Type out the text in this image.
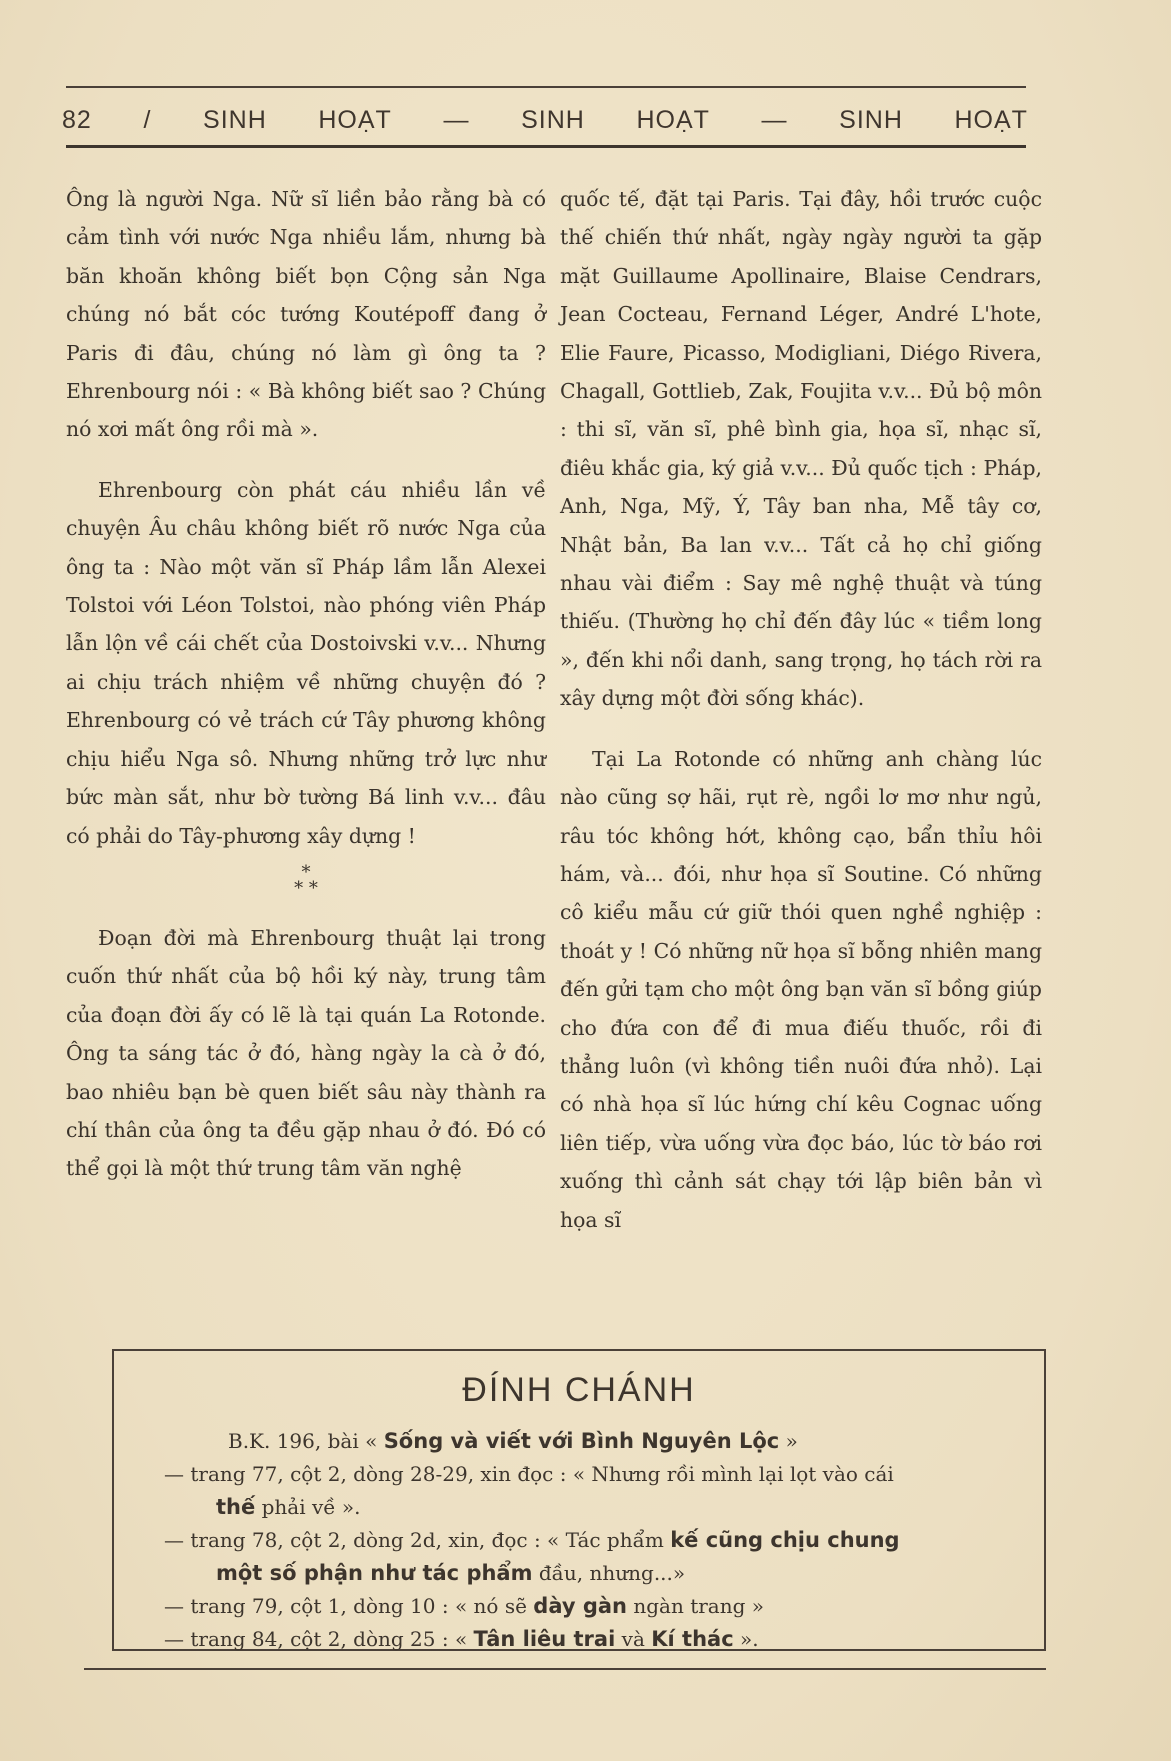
82 / SINH HOẠT — SINH HOẠT — SINH HOẠT

Ông là người Nga. Nữ sĩ liền bảo rằng bà có cảm tình với nước Nga nhiều lắm, nhưng bà băn khoăn không biết bọn Cộng sản Nga chúng nó bắt cóc tướng Koutépoff đang ở Paris đi đâu, chúng nó làm gì ông ta ? Ehrenbourg nói : « Bà không biết sao ? Chúng nó xơi mất ông rồi mà ».

Ehrenbourg còn phát cáu nhiều lần về chuyện Âu châu không biết rõ nước Nga của ông ta : Nào một văn sĩ Pháp lầm lẫn Alexei Tolstoi với Léon Tolstoi, nào phóng viên Pháp lẫn lộn về cái chết của Dostoivski v.v... Nhưng ai chịu trách nhiệm về những chuyện đó ? Ehrenbourg có vẻ trách cứ Tây phương không chịu hiểu Nga sô. Nhưng những trở lực như bức màn sắt, như bờ tường Bá linh v.v... đâu có phải do Tây-phương xây dựng !

*
* *

Đoạn đời mà Ehrenbourg thuật lại trong cuốn thứ nhất của bộ hồi ký này, trung tâm của đoạn đời ấy có lẽ là tại quán La Rotonde. Ông ta sáng tác ở đó, hàng ngày la cà ở đó, bao nhiêu bạn bè quen biết sâu này thành ra chí thân của ông ta đều gặp nhau ở đó. Đó có thể gọi là một thứ trung tâm văn nghệ

quốc tế, đặt tại Paris. Tại đây, hồi trước cuộc thế chiến thứ nhất, ngày ngày người ta gặp mặt Guillaume Apollinaire, Blaise Cendrars, Jean Cocteau, Fernand Léger, André L'hote, Elie Faure, Picasso, Modigliani, Diégo Rivera, Chagall, Gottlieb, Zak, Foujita v.v... Đủ bộ môn : thi sĩ, văn sĩ, phê bình gia, họa sĩ, nhạc sĩ, điêu khắc gia, ký giả v.v... Đủ quốc tịch : Pháp, Anh, Nga, Mỹ, Ý, Tây ban nha, Mễ tây cơ, Nhật bản, Ba lan v.v... Tất cả họ chỉ giống nhau vài điểm : Say mê nghệ thuật và túng thiếu. (Thường họ chỉ đến đây lúc « tiềm long », đến khi nổi danh, sang trọng, họ tách rời ra xây dựng một đời sống khác).

Tại La Rotonde có những anh chàng lúc nào cũng sợ hãi, rụt rè, ngồi lơ mơ như ngủ, râu tóc không hớt, không cạo, bẩn thỉu hôi hám, và... đói, như họa sĩ Soutine. Có những cô kiểu mẫu cứ giữ thói quen nghề nghiệp : thoát y ! Có những nữ họa sĩ bỗng nhiên mang đến gửi tạm cho một ông bạn văn sĩ bồng giúp cho đứa con để đi mua điếu thuốc, rồi đi thẳng luôn (vì không tiền nuôi đứa nhỏ). Lại có nhà họa sĩ lúc hứng chí kêu Cognac uống liên tiếp, vừa uống vừa đọc báo, lúc tờ báo rơi xuống thì cảnh sát chạy tới lập biên bản vì họa sĩ

ĐÍNH CHÁNH
B.K. 196, bài « Sống và viết với Bình Nguyên Lộc »
— trang 77, cột 2, dòng 28-29, xin đọc : « Nhưng rồi mình lại lọt vào cái
thế phải về ».
— trang 78, cột 2, dòng 2d, xin, đọc : « Tác phẩm kế cũng chịu chung
một số phận như tác phẩm đầu, nhưng...»
— trang 79, cột 1, dòng 10 : « nó sẽ dày gàn ngàn trang »
— trang 84, cột 2, dòng 25 : « Tân liêu trai và Kí thác ».
